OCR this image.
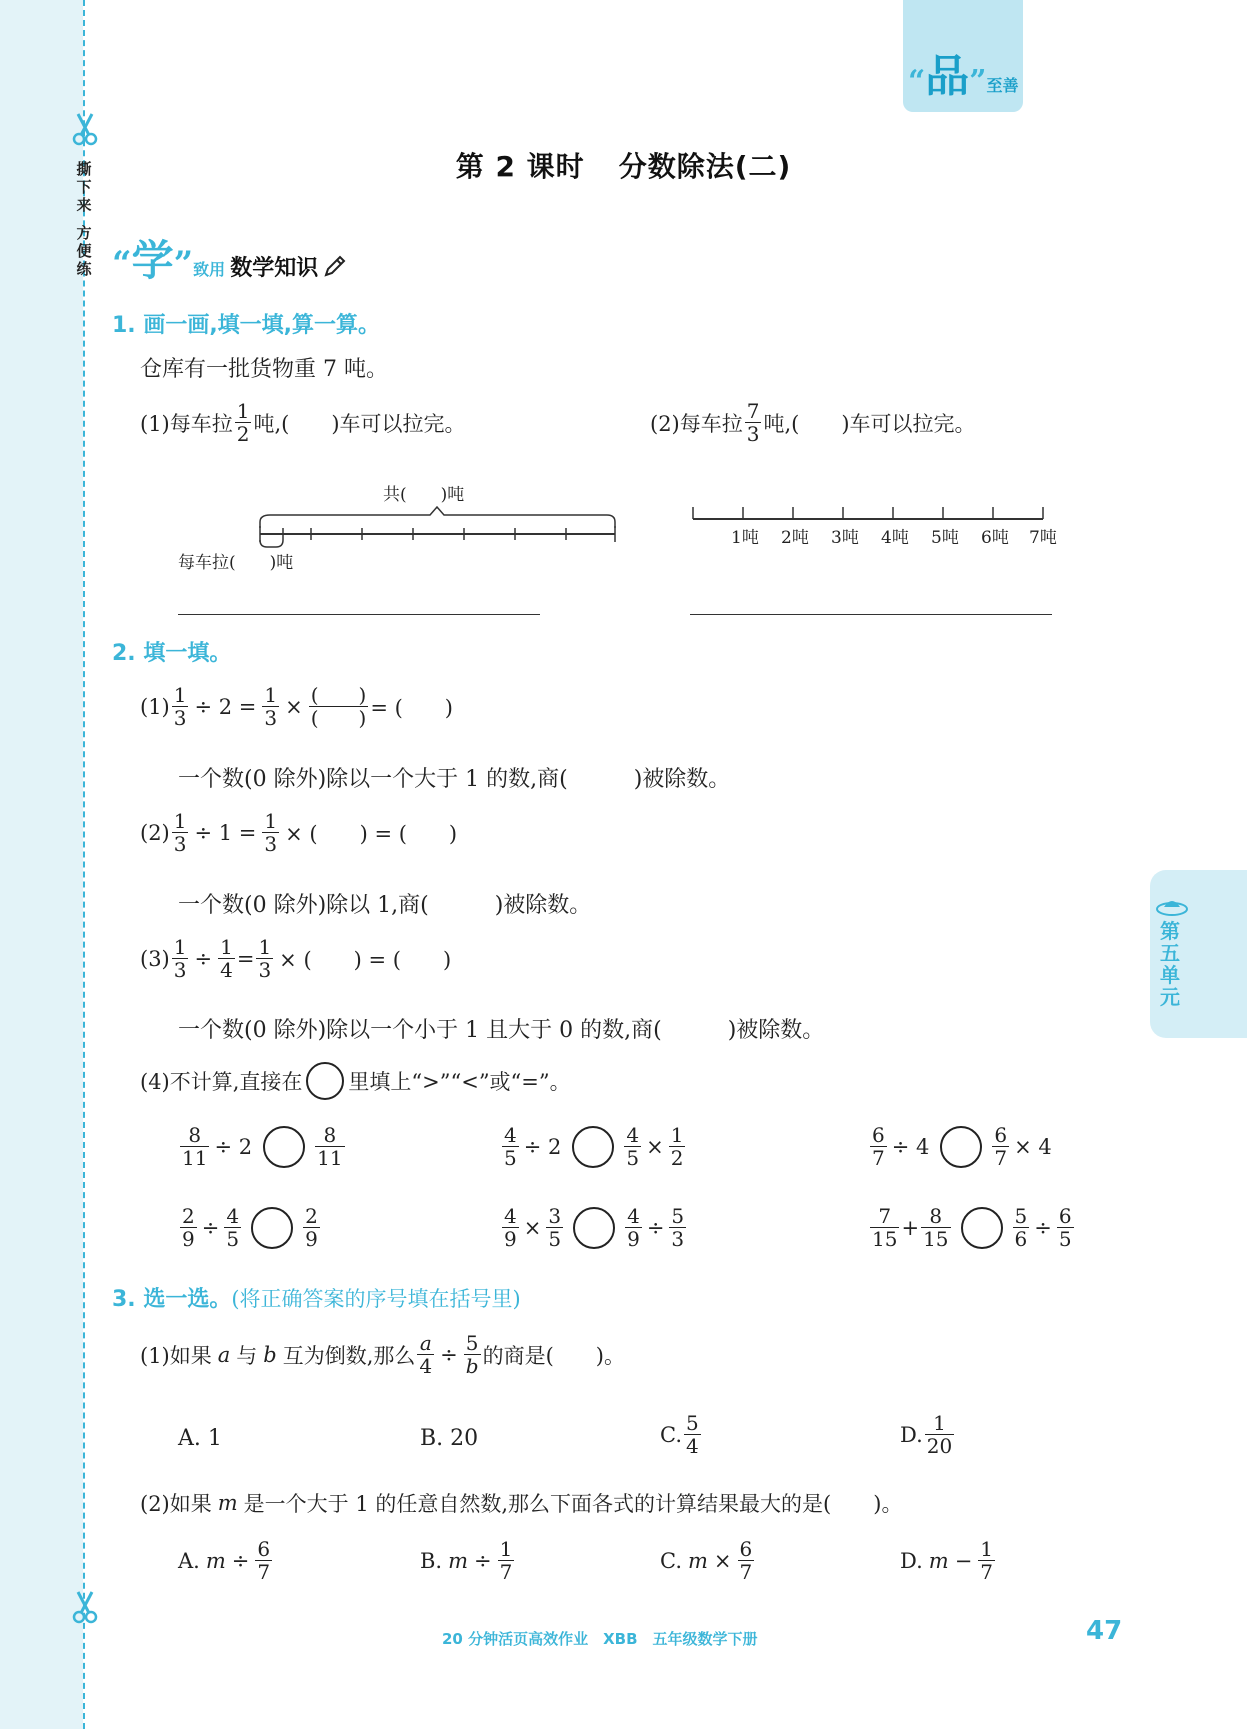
撕下来
方便练
“品”至善
第五单元
第 2 课时 分数除法(二)
“学”致用 数学知识
1. 画一画,填一填,算一算。
仓库有一批货物重 7 吨。
(1)每车拉 $\frac{1}{2}$ 吨,(　　)车可以拉完。	(2)每车拉 $\frac{7}{3}$ 吨,(　　)车可以拉完。
共(　　)吨
每车拉(　　)吨
1吨 2吨 3吨 4吨 5吨 6吨 7吨
2. 填一填。
$(1) \frac{1}{3} \div 2 = \frac{1}{3} \times \frac{( )}{( )}$ = (　　)
一个数(0 除外)除以一个大于 1 的数,商(　　　)被除数。
$(2) \frac{1}{3} \div 1 = \frac{1}{3}$ × (　　) = (　　)
一个数(0 除外)除以 1,商(　　　)被除数。
$(3) \frac{1}{3} \div \frac{1}{4} = \frac{1}{3}$ × (　　) = (　　)
一个数(0 除外)除以一个小于 1 且大于 0 的数,商(　　　)被除数。
(4)不计算,直接在 里填上“>”“<”或“=”。
$\frac{8}{11} \div 2$	$\frac{8}{11}$	$\frac{4}{5} \div 2$	$\frac{4}{5} \times \frac{1}{2}$	$\frac{6}{7} \div 4$	$\frac{6}{7} \times 4$
$\frac{2}{9} \div \frac{4}{5}$	$\frac{2}{9}$	$\frac{4}{9} \times \frac{3}{5}$	$\frac{4}{9} \div \frac{5}{3}$	$\frac{7}{15} + \frac{8}{15}$	$\frac{5}{6} \div \frac{6}{5}$
3. 选一选。(将正确答案的序号填在括号里)
(1)如果 a 与 b 互为倒数,那么 $\frac{a}{4} \div \frac{5}{b}$ 的商是(　　)。
A. 1	B. 20	C. $\frac{5}{4}$	D. $\frac{1}{20}$
(2)如果 m 是一个大于 1 的任意自然数,那么下面各式的计算结果最大的是(　　)。
A. $m \div \frac{6}{7}$	B. $m \div \frac{1}{7}$	C. $m \times \frac{6}{7}$	D. $m - \frac{1}{7}$
20 分钟活页高效作业　XBB　五年级数学下册	47
